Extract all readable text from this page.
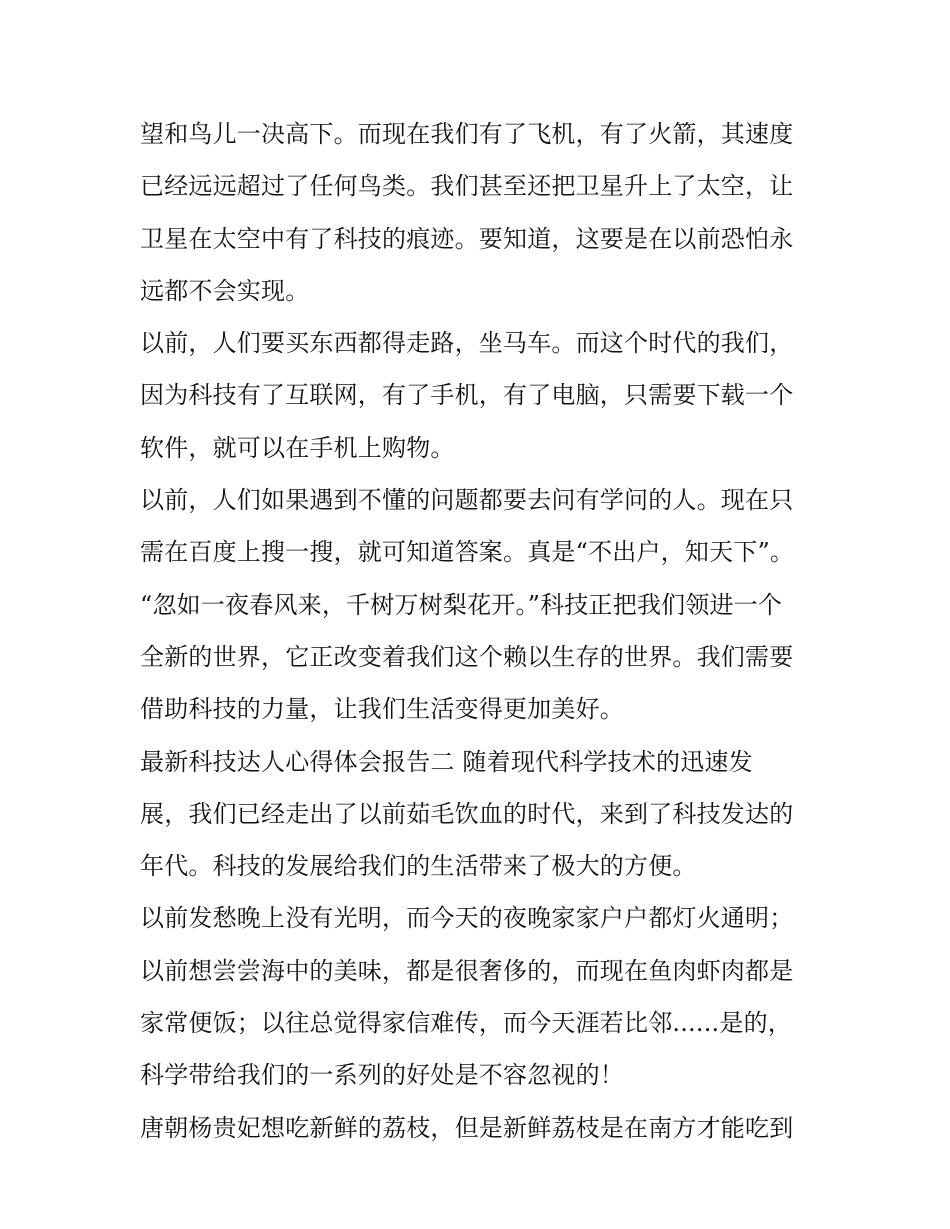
望和鸟儿一决高下。而现在我们有了飞机，有了火箭，其速度
已经远远超过了任何鸟类。我们甚至还把卫星升上了太空，让
卫星在太空中有了科技的痕迹。要知道，这要是在以前恐怕永
远都不会实现。
以前，人们要买东西都得走路，坐马车。而这个时代的我们，
因为科技有了互联网，有了手机，有了电脑，只需要下载一个
软件，就可以在手机上购物。
以前，人们如果遇到不懂的问题都要去问有学问的人。现在只
需在百度上搜一搜，就可知道答案。真是“不出户，知天下”。
“忽如一夜春风来，千树万树梨花开。”科技正把我们领进一个
全新的世界，它正改变着我们这个赖以生存的世界。我们需要
借助科技的力量，让我们生活变得更加美好。
最新科技达人心得体会报告二 随着现代科学技术的迅速发
展，我们已经走出了以前茹毛饮血的时代，来到了科技发达的
年代。科技的发展给我们的生活带来了极大的方便。
以前发愁晚上没有光明，而今天的夜晚家家户户都灯火通明；
以前想尝尝海中的美味，都是很奢侈的，而现在鱼肉虾肉都是
家常便饭；以往总觉得家信难传，而今天涯若比邻......是的，
科学带给我们的一系列的好处是不容忽视的！
唐朝杨贵妃想吃新鲜的荔枝，但是新鲜荔枝是在南方才能吃到
